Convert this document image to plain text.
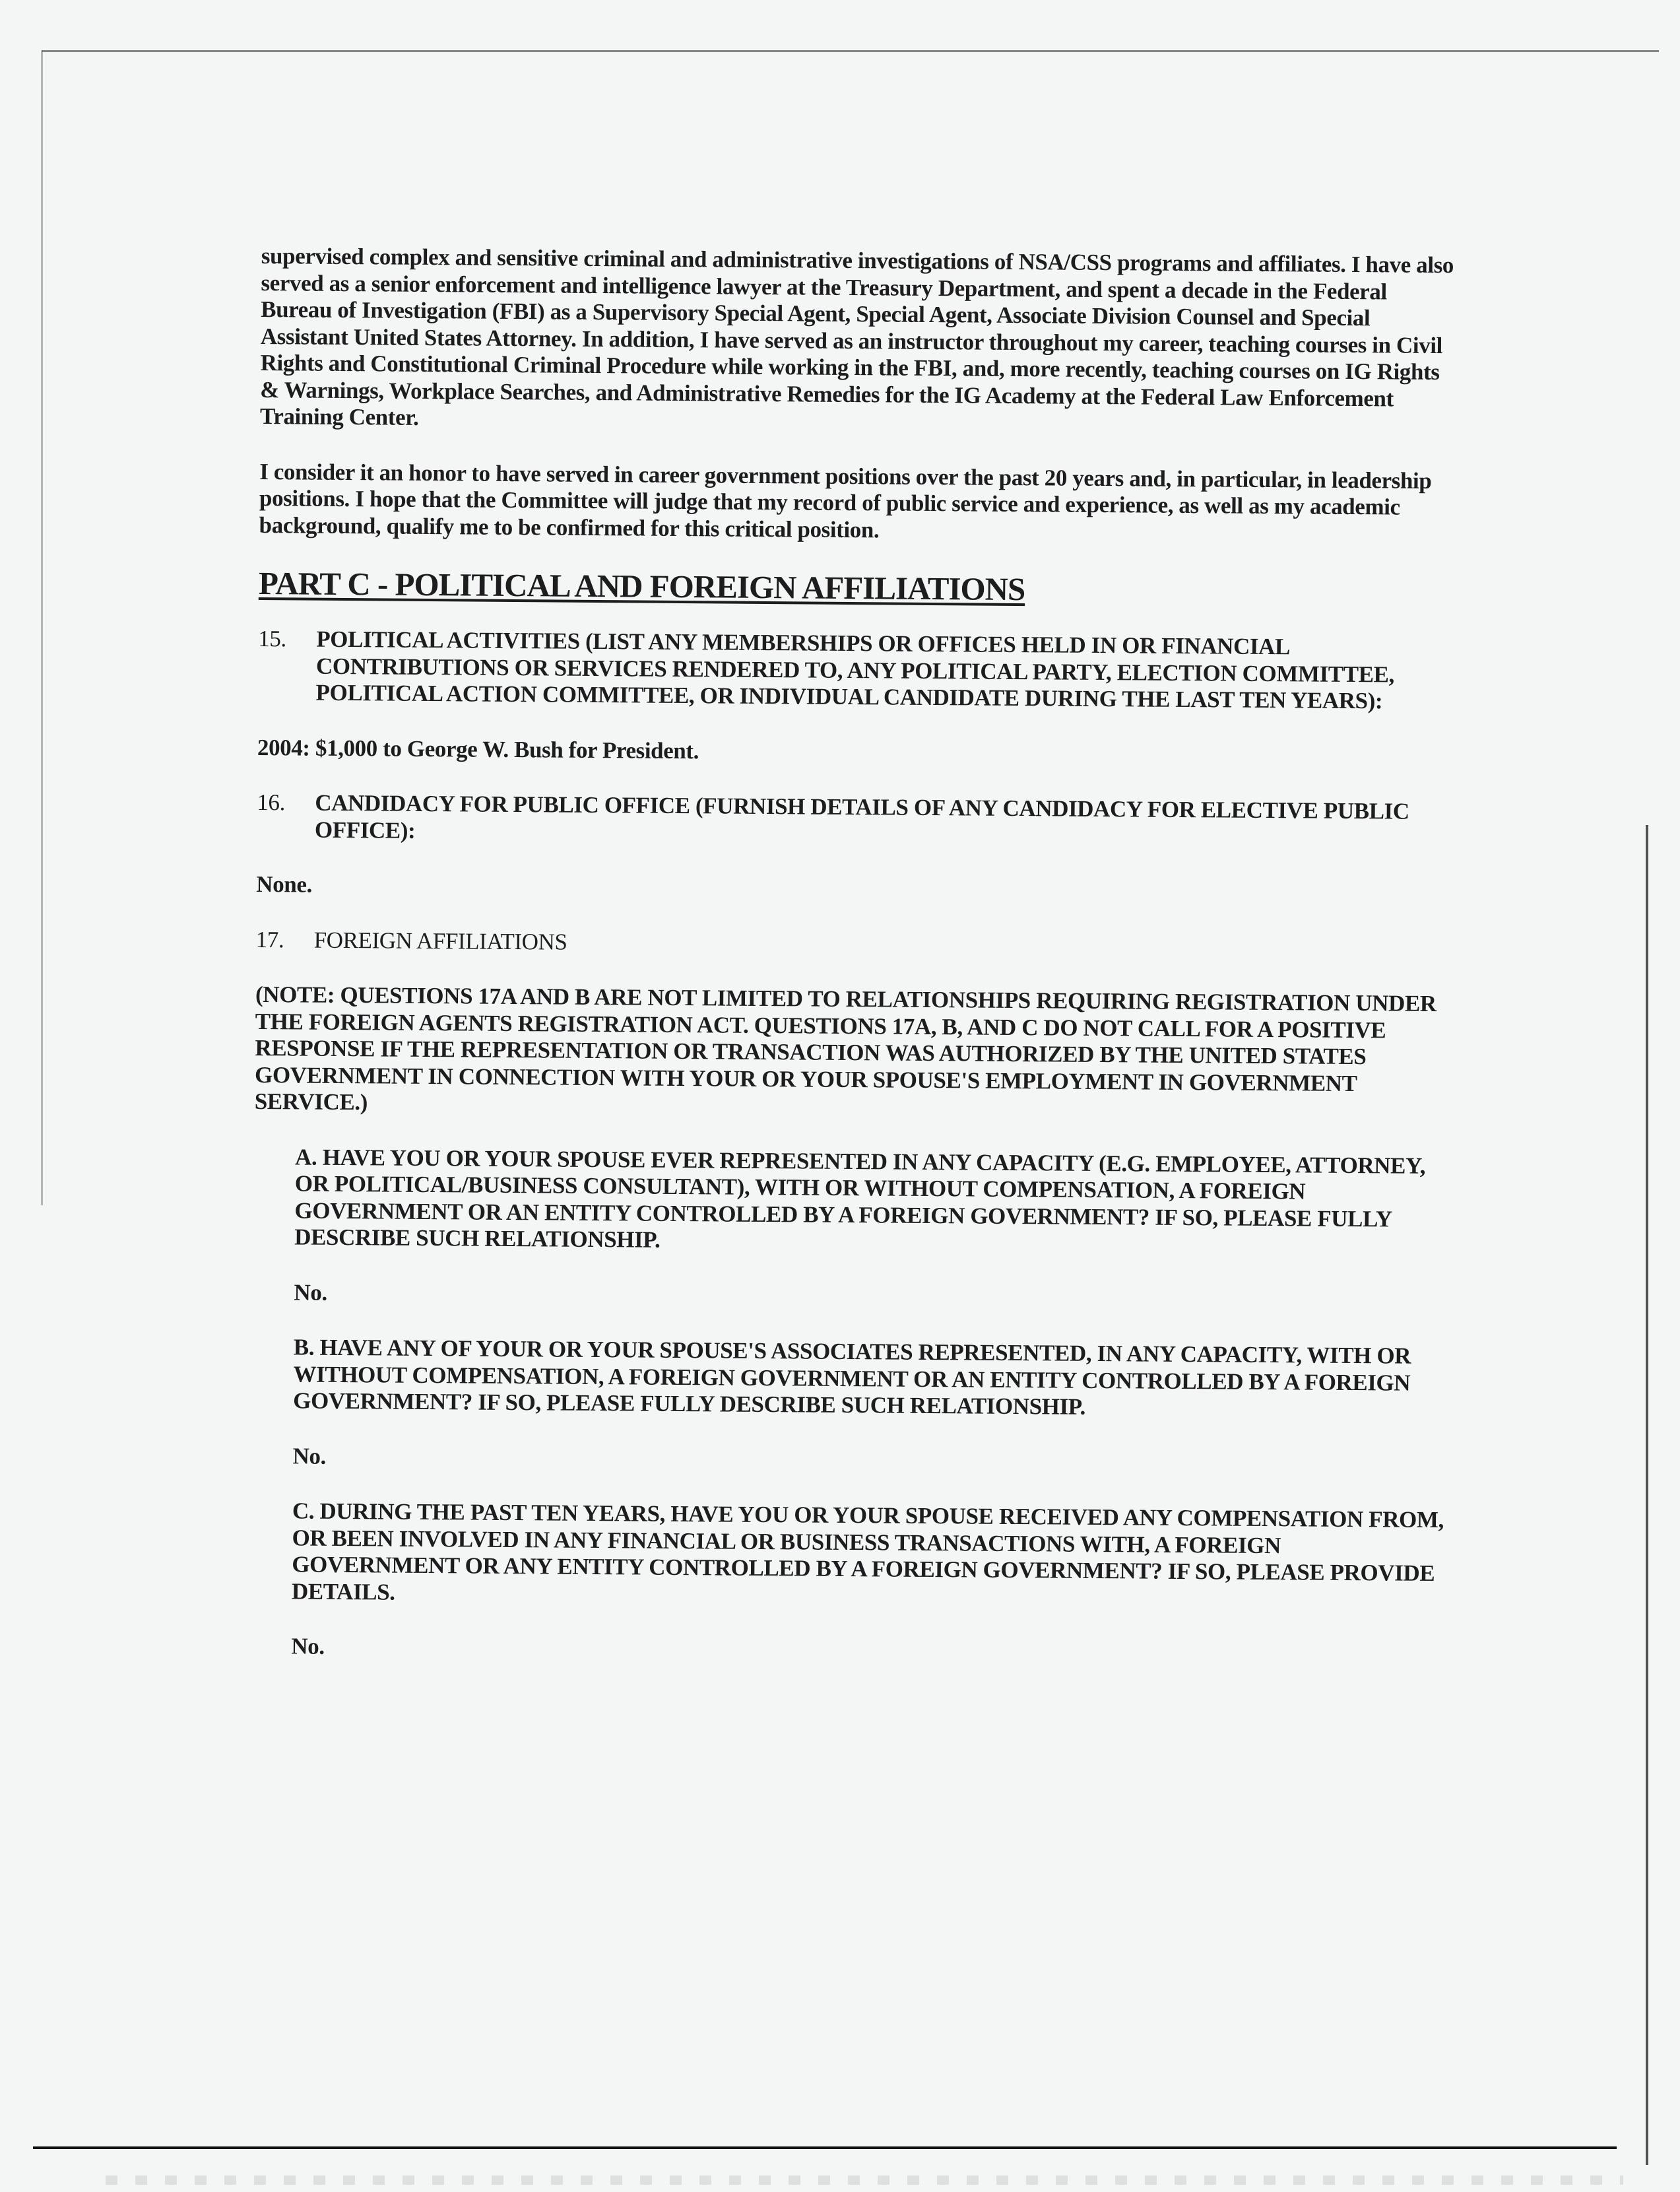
supervised complex and sensitive criminal and administrative investigations of NSA/CSS programs and affiliates. I have also served as a senior enforcement and intelligence lawyer at the Treasury Department, and spent a decade in the Federal Bureau of Investigation (FBI) as a Supervisory Special Agent, Special Agent, Associate Division Counsel and Special Assistant United States Attorney. In addition, I have served as an instructor throughout my career, teaching courses in Civil Rights and Constitutional Criminal Procedure while working in the FBI, and, more recently, teaching courses on IG Rights & Warnings, Workplace Searches, and Administrative Remedies for the IG Academy at the Federal Law Enforcement Training Center.

I consider it an honor to have served in career government positions over the past 20 years and, in particular, in leadership positions. I hope that the Committee will judge that my record of public service and experience, as well as my academic background, qualify me to be confirmed for this critical position.

PART C - POLITICAL AND FOREIGN AFFILIATIONS

15.	POLITICAL ACTIVITIES (LIST ANY MEMBERSHIPS OR OFFICES HELD IN OR FINANCIAL CONTRIBUTIONS OR SERVICES RENDERED TO, ANY POLITICAL PARTY, ELECTION COMMITTEE, POLITICAL ACTION COMMITTEE, OR INDIVIDUAL CANDIDATE DURING THE LAST TEN YEARS):

2004: $1,000 to George W. Bush for President.

16.	CANDIDACY FOR PUBLIC OFFICE (FURNISH DETAILS OF ANY CANDIDACY FOR ELECTIVE PUBLIC OFFICE):

None.

17.	FOREIGN AFFILIATIONS

(NOTE: QUESTIONS 17A AND B ARE NOT LIMITED TO RELATIONSHIPS REQUIRING REGISTRATION UNDER THE FOREIGN AGENTS REGISTRATION ACT. QUESTIONS 17A, B, AND C DO NOT CALL FOR A POSITIVE RESPONSE IF THE REPRESENTATION OR TRANSACTION WAS AUTHORIZED BY THE UNITED STATES GOVERNMENT IN CONNECTION WITH YOUR OR YOUR SPOUSE'S EMPLOYMENT IN GOVERNMENT SERVICE.)

A. HAVE YOU OR YOUR SPOUSE EVER REPRESENTED IN ANY CAPACITY (E.G. EMPLOYEE, ATTORNEY, OR POLITICAL/BUSINESS CONSULTANT), WITH OR WITHOUT COMPENSATION, A FOREIGN GOVERNMENT OR AN ENTITY CONTROLLED BY A FOREIGN GOVERNMENT? IF SO, PLEASE FULLY DESCRIBE SUCH RELATIONSHIP.

No.

B. HAVE ANY OF YOUR OR YOUR SPOUSE'S ASSOCIATES REPRESENTED, IN ANY CAPACITY, WITH OR WITHOUT COMPENSATION, A FOREIGN GOVERNMENT OR AN ENTITY CONTROLLED BY A FOREIGN GOVERNMENT? IF SO, PLEASE FULLY DESCRIBE SUCH RELATIONSHIP.

No.

C. DURING THE PAST TEN YEARS, HAVE YOU OR YOUR SPOUSE RECEIVED ANY COMPENSATION FROM, OR BEEN INVOLVED IN ANY FINANCIAL OR BUSINESS TRANSACTIONS WITH, A FOREIGN GOVERNMENT OR ANY ENTITY CONTROLLED BY A FOREIGN GOVERNMENT? IF SO, PLEASE PROVIDE DETAILS.

No.
